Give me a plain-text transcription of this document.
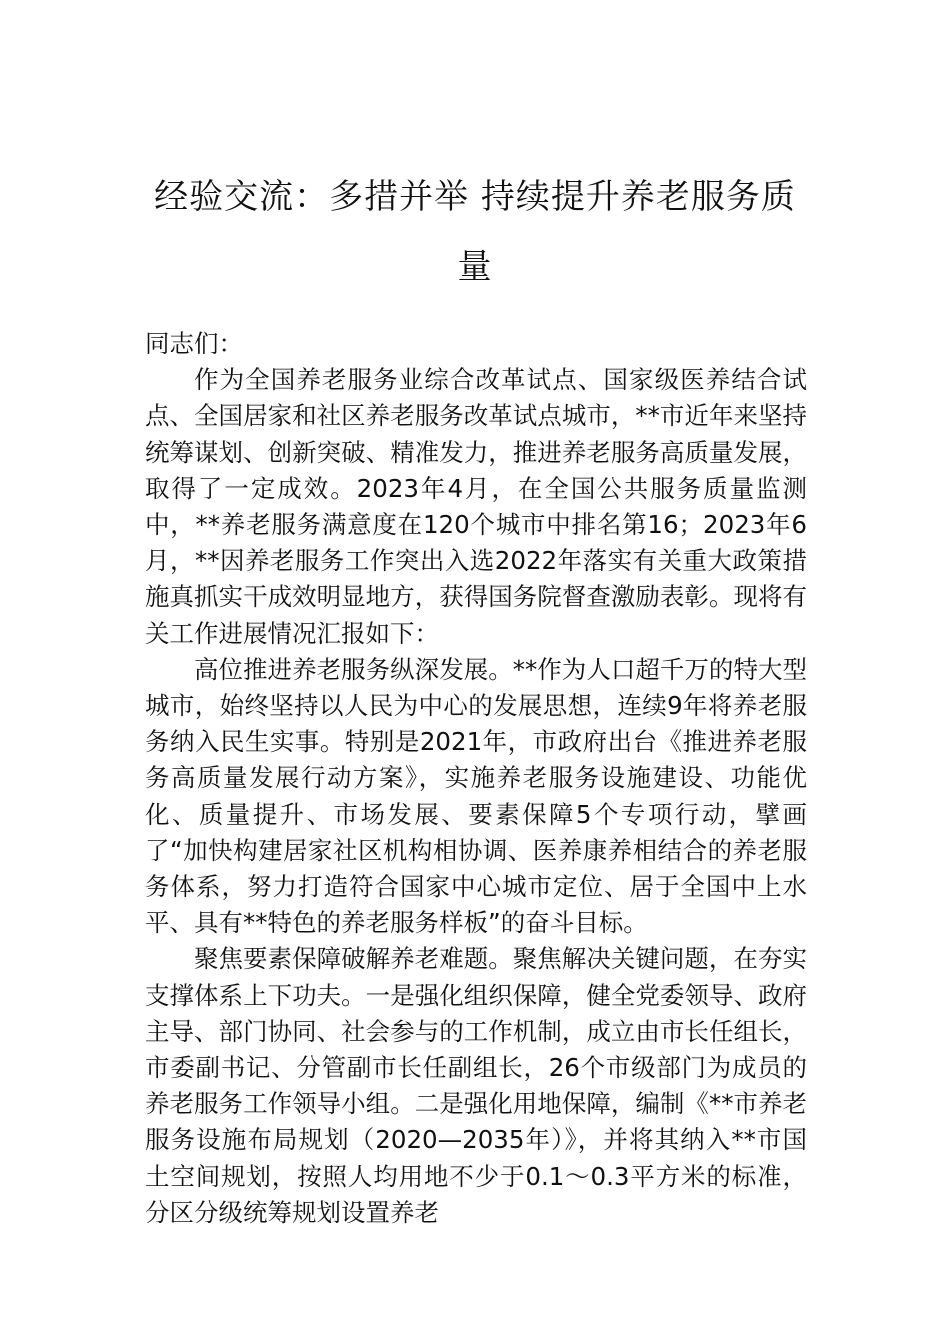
经验交流：多措并举 持续提升养老服务质量

同志们：

作为全国养老服务业综合改革试点、国家级医养结合试点、全国居家和社区养老服务改革试点城市，**市近年来坚持统筹谋划、创新突破、精准发力，推进养老服务高质量发展，取得了一定成效。2023年4月，在全国公共服务质量监测中，**养老服务满意度在120个城市中排名第16；2023年6月，**因养老服务工作突出入选2022年落实有关重大政策措施真抓实干成效明显地方，获得国务院督查激励表彰。现将有关工作进展情况汇报如下：

高位推进养老服务纵深发展。**作为人口超千万的特大型城市，始终坚持以人民为中心的发展思想，连续9年将养老服务纳入民生实事。特别是2021年，市政府出台《推进养老服务高质量发展行动方案》，实施养老服务设施建设、功能优化、质量提升、市场发展、要素保障5个专项行动，擘画了“加快构建居家社区机构相协调、医养康养相结合的养老服务体系，努力打造符合国家中心城市定位、居于全国中上水平、具有**特色的养老服务样板”的奋斗目标。

聚焦要素保障破解养老难题。聚焦解决关键问题，在夯实支撑体系上下功夫。一是强化组织保障，健全党委领导、政府主导、部门协同、社会参与的工作机制，成立由市长任组长，市委副书记、分管副市长任副组长，26个市级部门为成员的养老服务工作领导小组。二是强化用地保障，编制《**市养老服务设施布局规划（2020—2035年）》，并将其纳入**市国土空间规划，按照人均用地不少于0.1～0.3平方米的标准，分区分级统筹规划设置养老
